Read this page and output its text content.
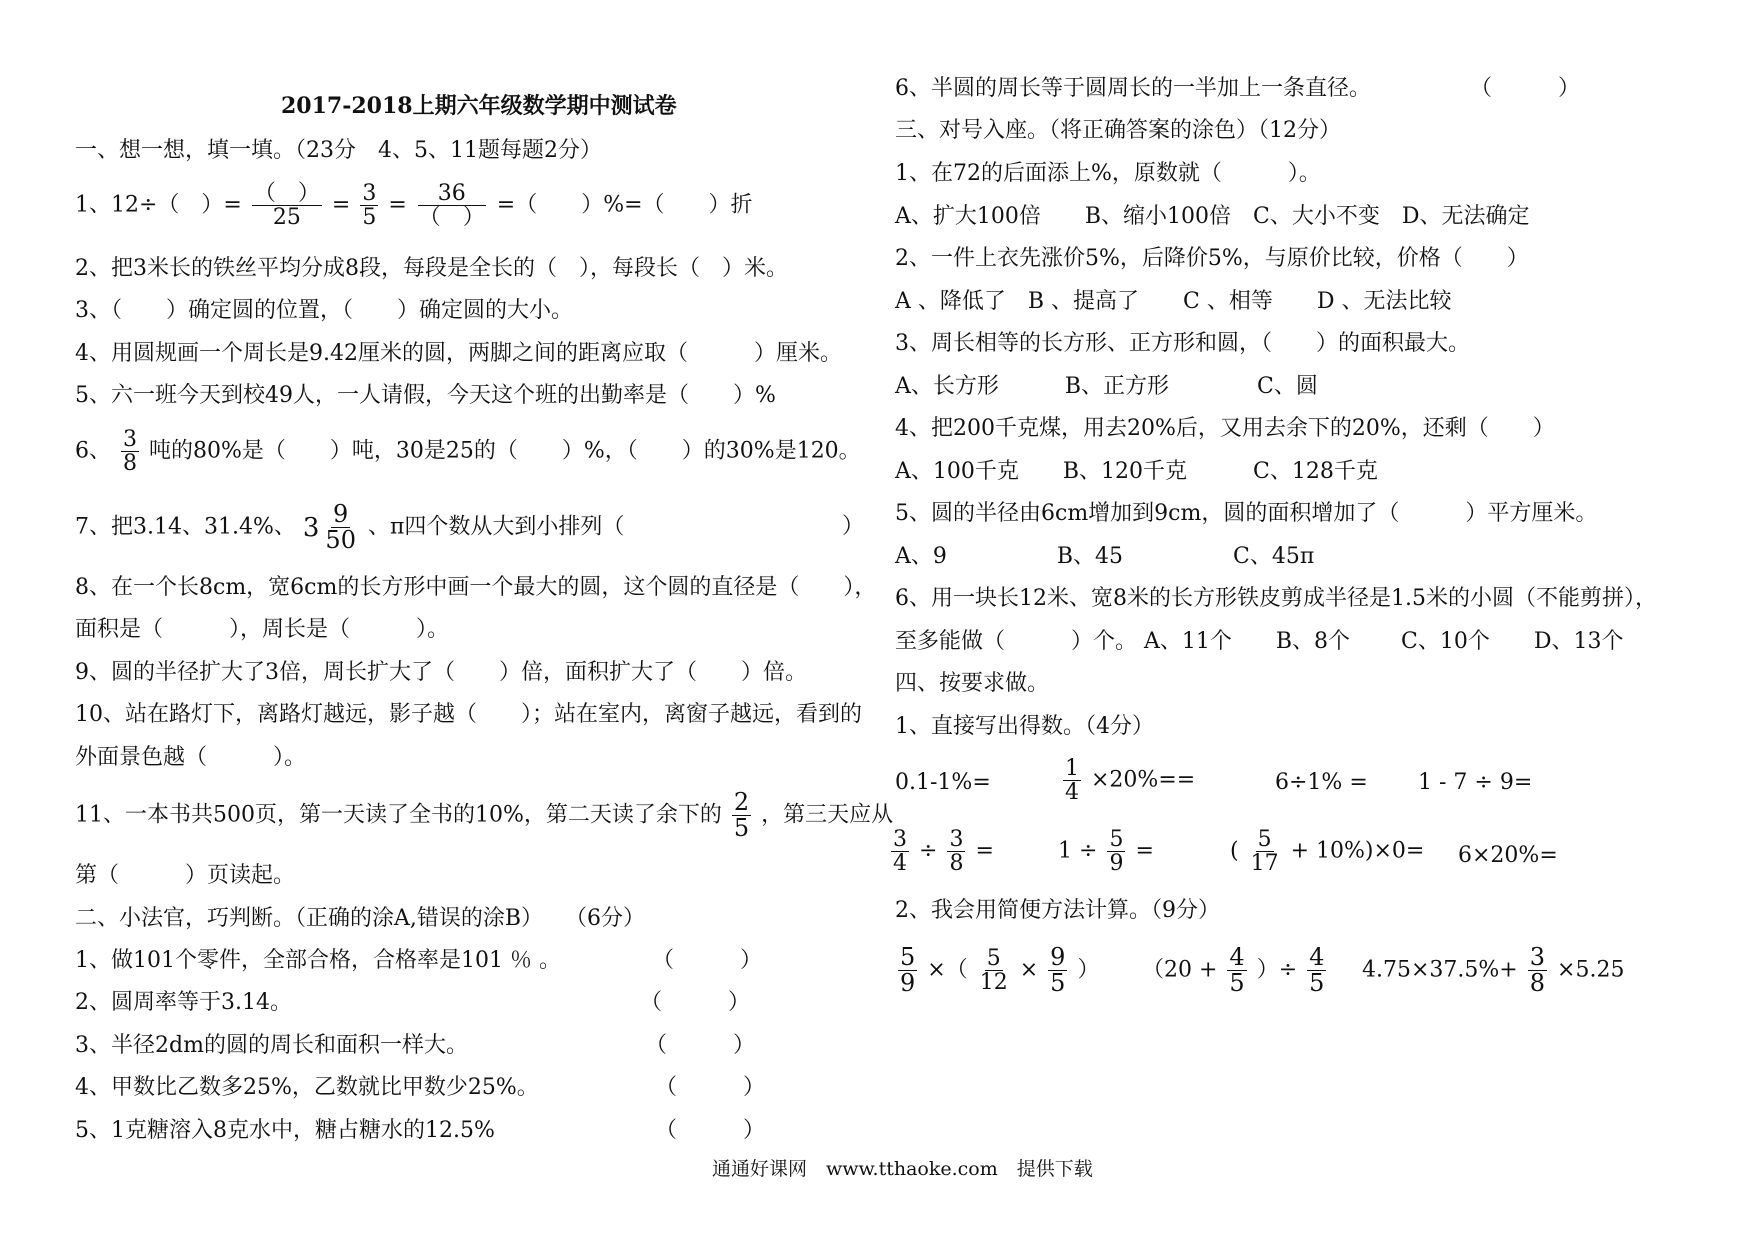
2017-2018上期六年级数学期中测试卷
一、想一想，填一填。（23分　4、5、11题每题2分）
1、12÷（　）= $\frac{( )}{25} = \frac{3}{5} = \frac{36}{( )}$ =（　　）%=（　　）折
2、把3米长的铁丝平均分成8段，每段是全长的（　），每段长（　）米。
3、（　　）确定圆的位置，（　　）确定圆的大小。
4、用圆规画一个周长是9.42厘米的圆，两脚之间的距离应取（　　　）厘米。
5、六一班今天到校49人，一人请假，今天这个班的出勤率是（　　）%
6、 $\frac{3}{8}$ 吨的80%是（　　）吨，30是25的（　　）%，（　　）的30%是120。
7、把3.14、31.4%、 $3 \frac{9}{50}$ 、π四个数从大到小排列（	）
8、在一个长8cm，宽6cm的长方形中画一个最大的圆，这个圆的直径是（　　），
面积是（　　　），周长是（　　　）。
9、圆的半径扩大了3倍，周长扩大了（　　）倍，面积扩大了（　　）倍。
10、站在路灯下，离路灯越远，影子越（　　）；站在室内，离窗子越远，看到的
外面景色越（　　　）。
11、一本书共500页，第一天读了全书的10%，第二天读了余下的 $\frac{2}{5}$ ，第三天应从
第（　　　）页读起。
二、小法官，巧判断。（正确的涂A,错误的涂B）　　（6分）
1、做101个零件，全部合格，合格率是101 ％ 。	（　　　）
2、圆周率等于3.14。	（　　　）
3、半径2dm的圆的周长和面积一样大。	（　　　）
4、甲数比乙数多25%，乙数就比甲数少25%。	（　　　）
5、1克糖溶入8克水中，糖占糖水的12.5%	（　　　）
6、半圆的周长等于圆周长的一半加上一条直径。	（　　　）
三、对号入座。（将正确答案的涂色）（12分）
1、在72的后面添上%，原数就（　　　）。
A、扩大100倍　　B、缩小100倍　C、大小不变　D、无法确定
2、一件上衣先涨价5%，后降价5%，与原价比较，价格（　　）
A 、降低了　B 、提高了　　C 、相等　　D 、无法比较
3、周长相等的长方形、正方形和圆，（　　）的面积最大。
A、长方形　　　B、正方形　　　　C、圆
4、把200千克煤，用去20%后，又用去余下的20%，还剩（　　）
A、100千克　　B、120千克　　　C、128千克
5、圆的半径由6cm增加到9cm，圆的面积增加了（　　　）平方厘米。
A、9　　　　　B、45　　　　　C、45π
6、用一块长12米、宽8米的长方形铁皮剪成半径是1.5米的小圆（不能剪拼），
至多能做（　　　）个。 A、11个　　B、8个　　 C、10个　　D、13个
四、按要求做。
1、直接写出得数。（4分）
0.1-1%=	$\frac{1}{4} \times 20\%==$	6÷1% = 1 - 7 ÷ 9=
$\frac{3}{4} \div \frac{3}{8}$ =	$1 \div \frac{5}{9}$ =	( $\frac{5}{17} + 10\%)\times 0= 6\times 20\%=$
2、我会用简便方法计算。（9分）
$\frac{5}{9}$ ×（ $\frac{5}{12} \times \frac{9}{5}$ ） （$20 + \frac{4}{5}$ ）÷ $\frac{4}{5} 4.75\times 37.5\%+ \frac{3}{8} \times 5.25$
通通好课网　www.tthaoke.com　提供下载
